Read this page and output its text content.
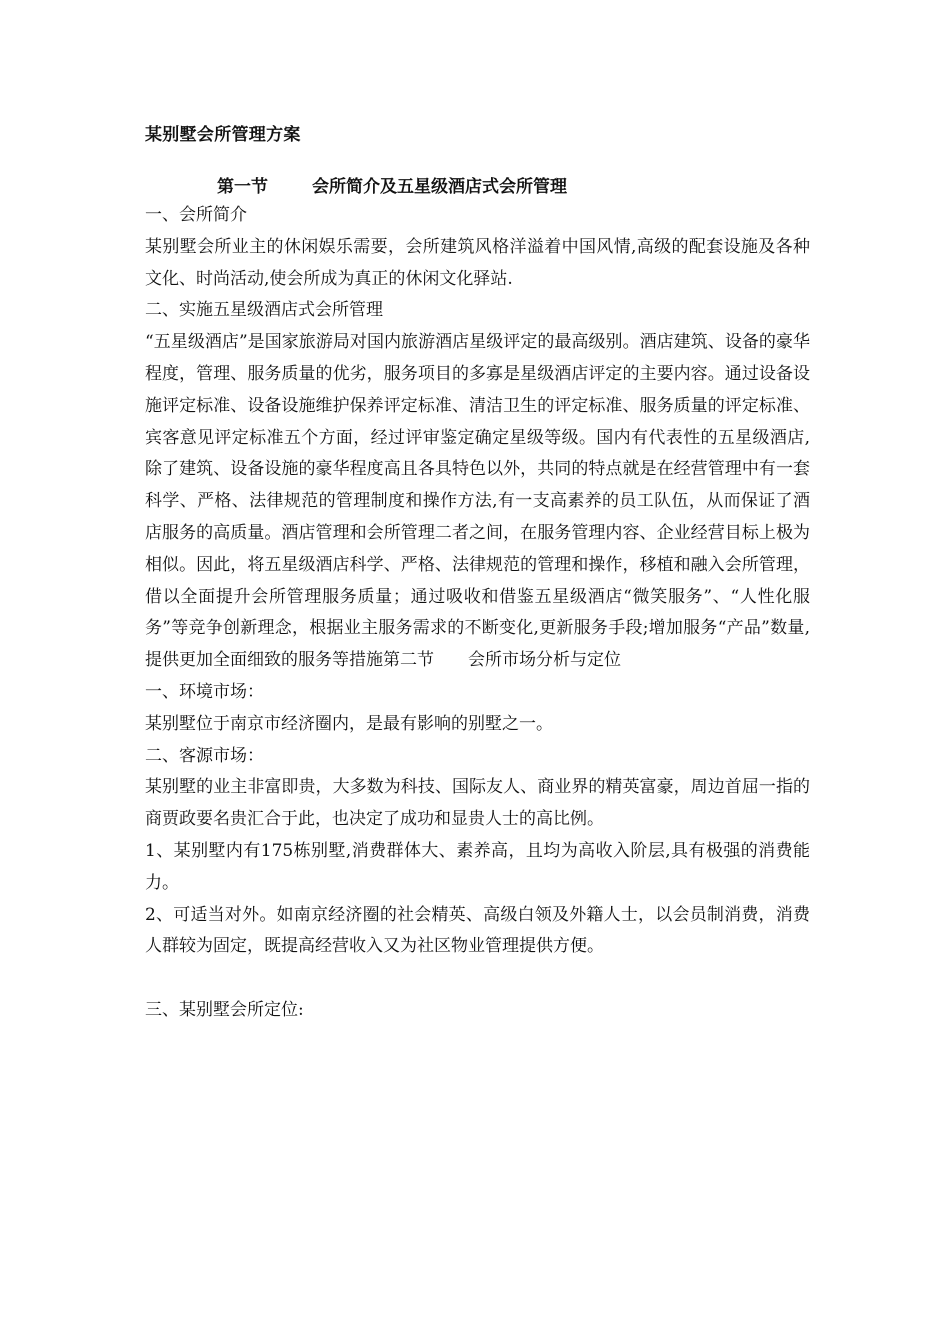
某别墅会所管理方案
第一节	会所简介及五星级酒店式会所管理

一、会所简介

某别墅会所业主的休闲娱乐需要，会所建筑风格洋溢着中国风情,高级的配套设施及各种文化、时尚活动,使会所成为真正的休闲文化驿站.

二、实施五星级酒店式会所管理

“五星级酒店”是国家旅游局对国内旅游酒店星级评定的最高级别。酒店建筑、设备的豪华程度，管理、服务质量的优劣，服务项目的多寡是星级酒店评定的主要内容。通过设备设施评定标准、设备设施维护保养评定标准、清洁卫生的评定标准、服务质量的评定标准、宾客意见评定标准五个方面，经过评审鉴定确定星级等级。国内有代表性的五星级酒店,除了建筑、设备设施的豪华程度高且各具特色以外，共同的特点就是在经营管理中有一套科学、严格、法律规范的管理制度和操作方法,有一支高素养的员工队伍，从而保证了酒店服务的高质量。酒店管理和会所管理二者之间，在服务管理内容、企业经营目标上极为相似。因此，将五星级酒店科学、严格、法律规范的管理和操作，移植和融入会所管理，借以全面提升会所管理服务质量；通过吸收和借鉴五星级酒店“微笑服务”、“人性化服务”等竞争创新理念，根据业主服务需求的不断变化,更新服务手段;增加服务“产品”数量,提供更加全面细致的服务等措施第二节 会所市场分析与定位

一、环境市场：

某别墅位于南京市经济圈内，是最有影响的别墅之一。

二、客源市场：

某别墅的业主非富即贵，大多数为科技、国际友人、商业界的精英富豪，周边首屈一指的商贾政要名贵汇合于此，也决定了成功和显贵人士的高比例。

1、某别墅内有175栋别墅,消费群体大、素养高，且均为高收入阶层,具有极强的消费能力。

2、可适当对外。如南京经济圈的社会精英、高级白领及外籍人士，以会员制消费，消费人群较为固定，既提高经营收入又为社区物业管理提供方便。

三、某别墅会所定位:
